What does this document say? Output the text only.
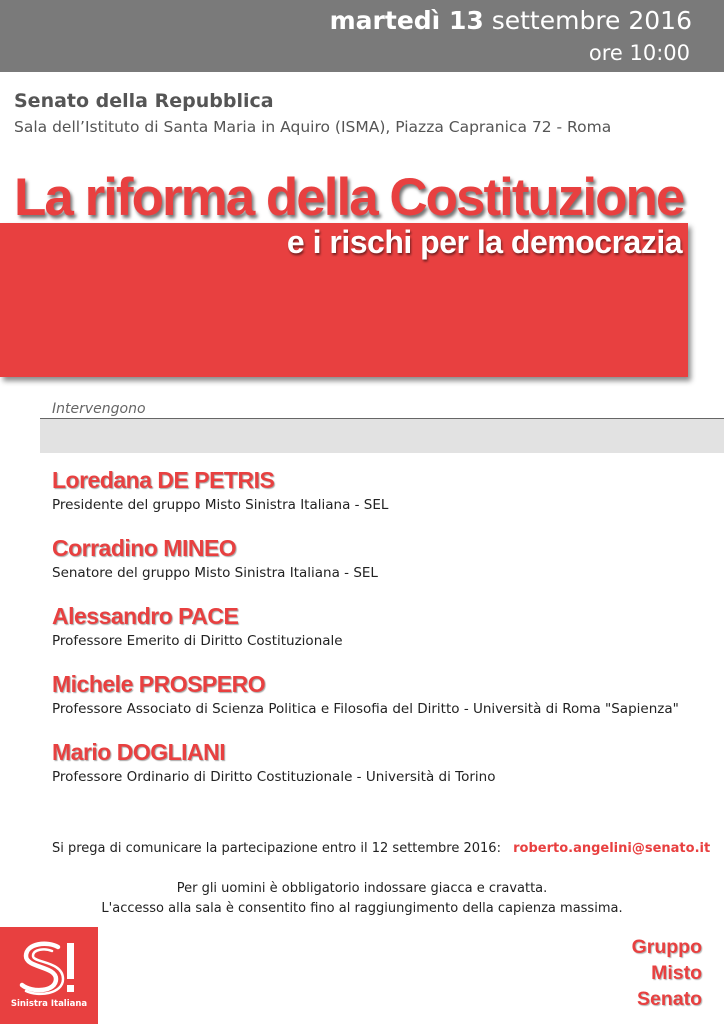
martedì 13 settembre 2016
ore 10:00
Senato della Repubblica
Sala dell’Istituto di Santa Maria in Aquiro (ISMA), Piazza Capranica 72 - Roma
La riforma della Costituzione
e i rischi per la democrazia
Intervengono
Loredana DE PETRIS
Presidente del gruppo Misto Sinistra Italiana - SEL
Corradino MINEO
Senatore del gruppo Misto Sinistra Italiana - SEL
Alessandro PACE
Professore Emerito di Diritto Costituzionale
Michele PROSPERO
Professore Associato di Scienza Politica e Filosofia del Diritto - Università di Roma "Sapienza"
Mario DOGLIANI
Professore Ordinario di Diritto Costituzionale - Università di Torino
Si prega di comunicare la partecipazione entro il 12 settembre 2016: roberto.angelini@senato.it
Per gli uomini è obbligatorio indossare giacca e cravatta.
L'accesso alla sala è consentito fino al raggiungimento della capienza massima.
Sinistra Italiana
Gruppo
Misto
Senato
